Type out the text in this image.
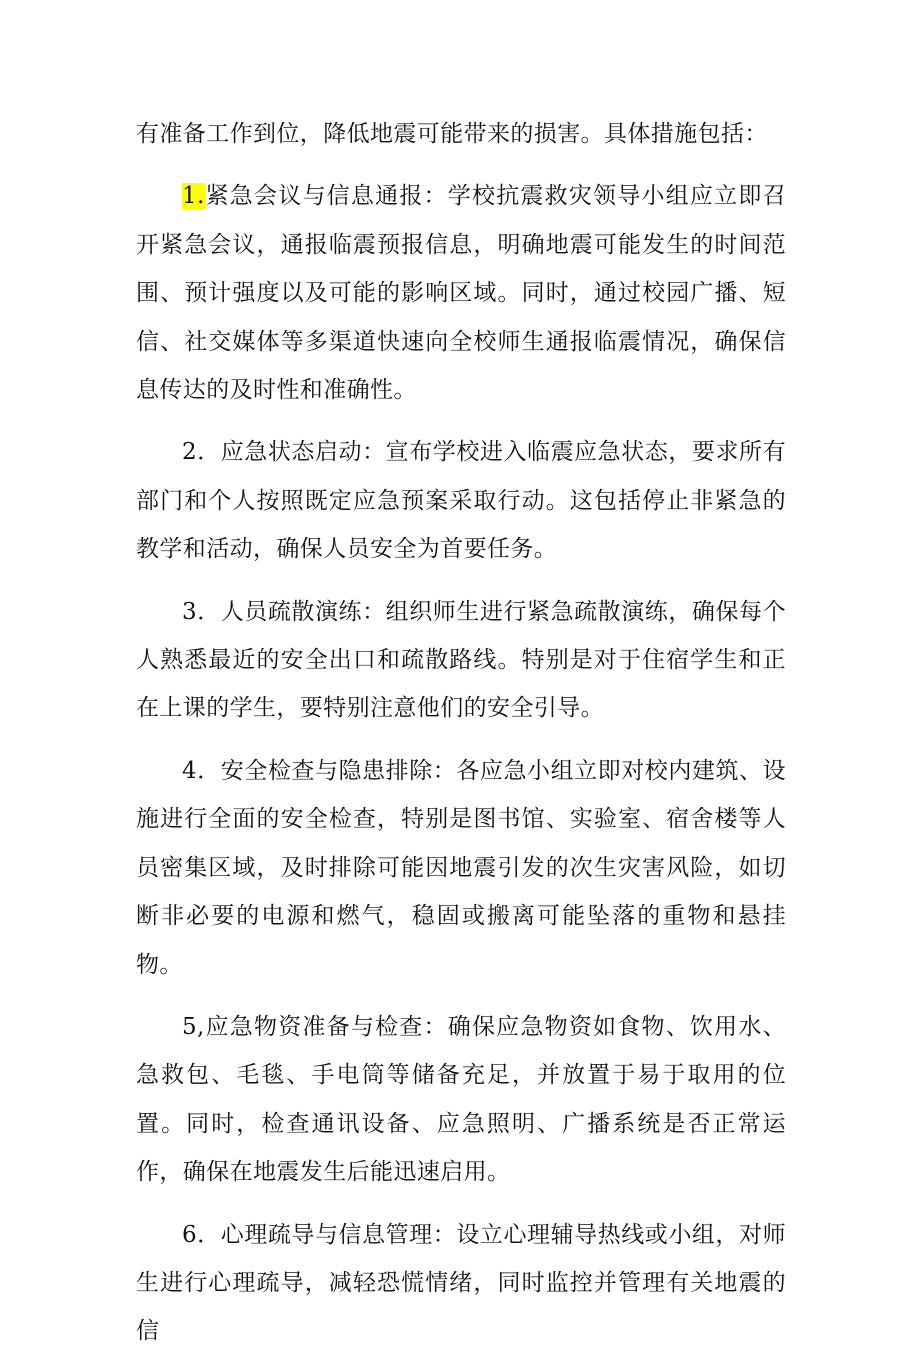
有准备工作到位，降低地震可能带来的损害。具体措施包括：

1.紧急会议与信息通报：学校抗震救灾领导小组应立即召开紧急会议，通报临震预报信息，明确地震可能发生的时间范围、预计强度以及可能的影响区域。同时，通过校园广播、短信、社交媒体等多渠道快速向全校师生通报临震情况，确保信息传达的及时性和准确性。

2．应急状态启动：宣布学校进入临震应急状态，要求所有部门和个人按照既定应急预案采取行动。这包括停止非紧急的教学和活动，确保人员安全为首要任务。

3．人员疏散演练：组织师生进行紧急疏散演练，确保每个人熟悉最近的安全出口和疏散路线。特别是对于住宿学生和正在上课的学生，要特别注意他们的安全引导。

4．安全检查与隐患排除：各应急小组立即对校内建筑、设施进行全面的安全检查，特别是图书馆、实验室、宿舍楼等人员密集区域，及时排除可能因地震引发的次生灾害风险，如切断非必要的电源和燃气，稳固或搬离可能坠落的重物和悬挂物。

5,应急物资准备与检查：确保应急物资如食物、饮用水、急救包、毛毯、手电筒等储备充足，并放置于易于取用的位置。同时，检查通讯设备、应急照明、广播系统是否正常运作，确保在地震发生后能迅速启用。

6．心理疏导与信息管理：设立心理辅导热线或小组，对师生进行心理疏导，减轻恐慌情绪，同时监控并管理有关地震的信
